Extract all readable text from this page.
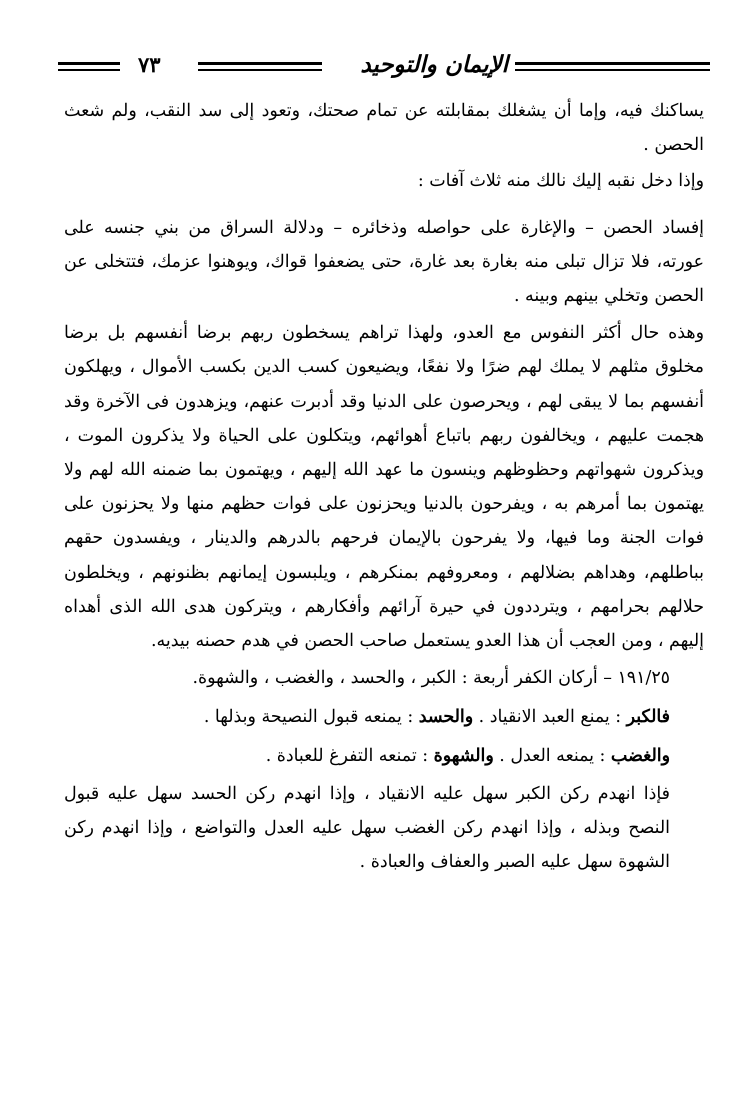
الإيمان والتوحيد
٧٣

يساكنك فيه، وإما أن يشغلك بمقابلته عن تمام صحتك، وتعود إلى سد النقب، ولم شعث الحصن .

وإذا دخل نقبه إليك نالك منه ثلاث آفات :

إفساد الحصن – والإغارة على حواصله وذخائره – ودلالة السراق من بني جنسه على عورته، فلا تزال تبلى منه بغارة بعد غارة، حتى يضعفوا قواك، ويوهنوا عزمك، فتتخلى عن الحصن وتخلي بينهم وبينه .

وهذه حال أكثر النفوس مع العدو، ولهذا تراهم يسخطون ربهم برضا أنفسهم بل برضا مخلوق مثلهم لا يملك لهم ضرًا ولا نفعًا، ويضيعون كسب الدين بكسب الأموال ، ويهلكون أنفسهم بما لا يبقى لهم ، ويحرصون على الدنيا وقد أدبرت عنهم، ويزهدون فى الآخرة وقد هجمت عليهم ، ويخالفون ربهم باتباع أهوائهم، ويتكلون على الحياة ولا يذكرون الموت ، ويذكرون شهواتهم وحظوظهم وينسون ما عهد الله إليهم ، ويهتمون بما ضمنه الله لهم ولا يهتمون بما أمرهم به ، ويفرحون بالدنيا ويحزنون على فوات حظهم منها ولا يحزنون على فوات الجنة وما فيها، ولا يفرحون بالإيمان فرحهم بالدرهم والدينار ، ويفسدون حقهم بباطلهم، وهداهم بضلالهم ، ومعروفهم بمنكرهم ، ويلبسون إيمانهم بظنونهم ، ويخلطون حلالهم بحرامهم ، ويترددون في حيرة آرائهم وأفكارهم ، ويتركون هدى الله الذى أهداه إليهم ، ومن العجب أن هذا العدو يستعمل صاحب الحصن في هدم حصنه بيديه.

١٩١/٢٥ – أركان الكفر أربعة : الكبر ، والحسد ، والغضب ، والشهوة.

فالكبر : يمنع العبد الانقياد . والحسد : يمنعه قبول النصيحة وبذلها .

والغضب : يمنعه العدل . والشهوة : تمنعه التفرغ للعبادة .

فإذا انهدم ركن الكبر سهل عليه الانقياد ، وإذا انهدم ركن الحسد سهل عليه قبول النصح وبذله ، وإذا انهدم ركن الغضب سهل عليه العدل والتواضع ، وإذا انهدم ركن الشهوة سهل عليه الصبر والعفاف والعبادة .
